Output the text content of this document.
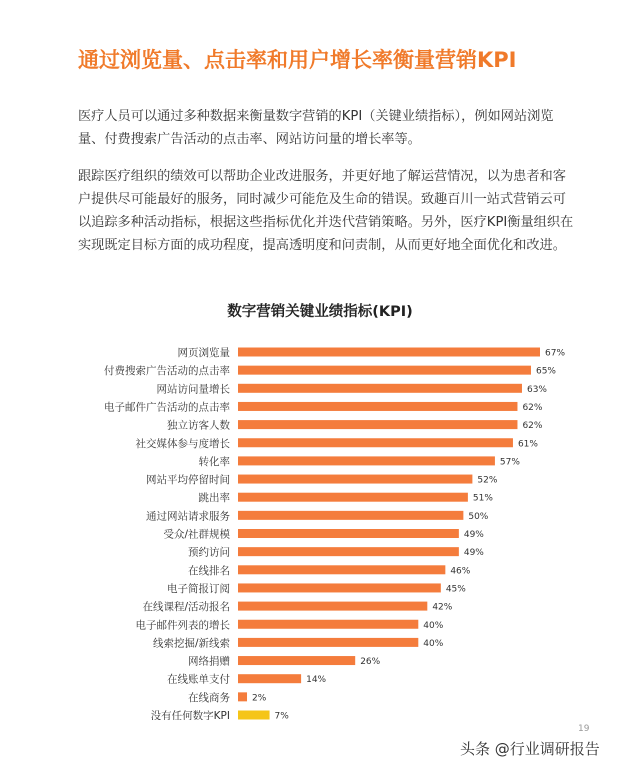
通过浏览量、点击率和用户增长率衡量营销KPI
医疗人员可以通过多种数据来衡量数字营销的KPI（关键业绩指标），例如网站浏览量、付费搜索广告活动的点击率、网站访问量的增长率等。
跟踪医疗组织的绩效可以帮助企业改进服务，并更好地了解运营情况，以为患者和客户提供尽可能最好的服务，同时减少可能危及生命的错误。致趣百川一站式营销云可以追踪多种活动指标，根据这些指标优化并迭代营销策略。另外，医疗KPI衡量组织在实现既定目标方面的成功程度，提高透明度和问责制，从而更好地全面优化和改进。
数字营销关键业绩指标(KPI)
网页浏览量	67%
付费搜索广告活动的点击率	65%
网站访问量增长	63%
电子邮件广告活动的点击率	62%
独立访客人数	62%
社交媒体参与度增长	61%
转化率	57%
网站平均停留时间	52%
跳出率	51%
通过网站请求服务	50%
受众/社群规模	49%
预约访问	49%
在线排名	46%
电子简报订阅	45%
在线课程/活动报名	42%
电子邮件列表的增长	40%
线索挖掘/新线索	40%
网络捐赠	26%
在线账单支付	14%
在线商务 2%
没有任何数字KPI	7%
19
头条 @行业调研报告
